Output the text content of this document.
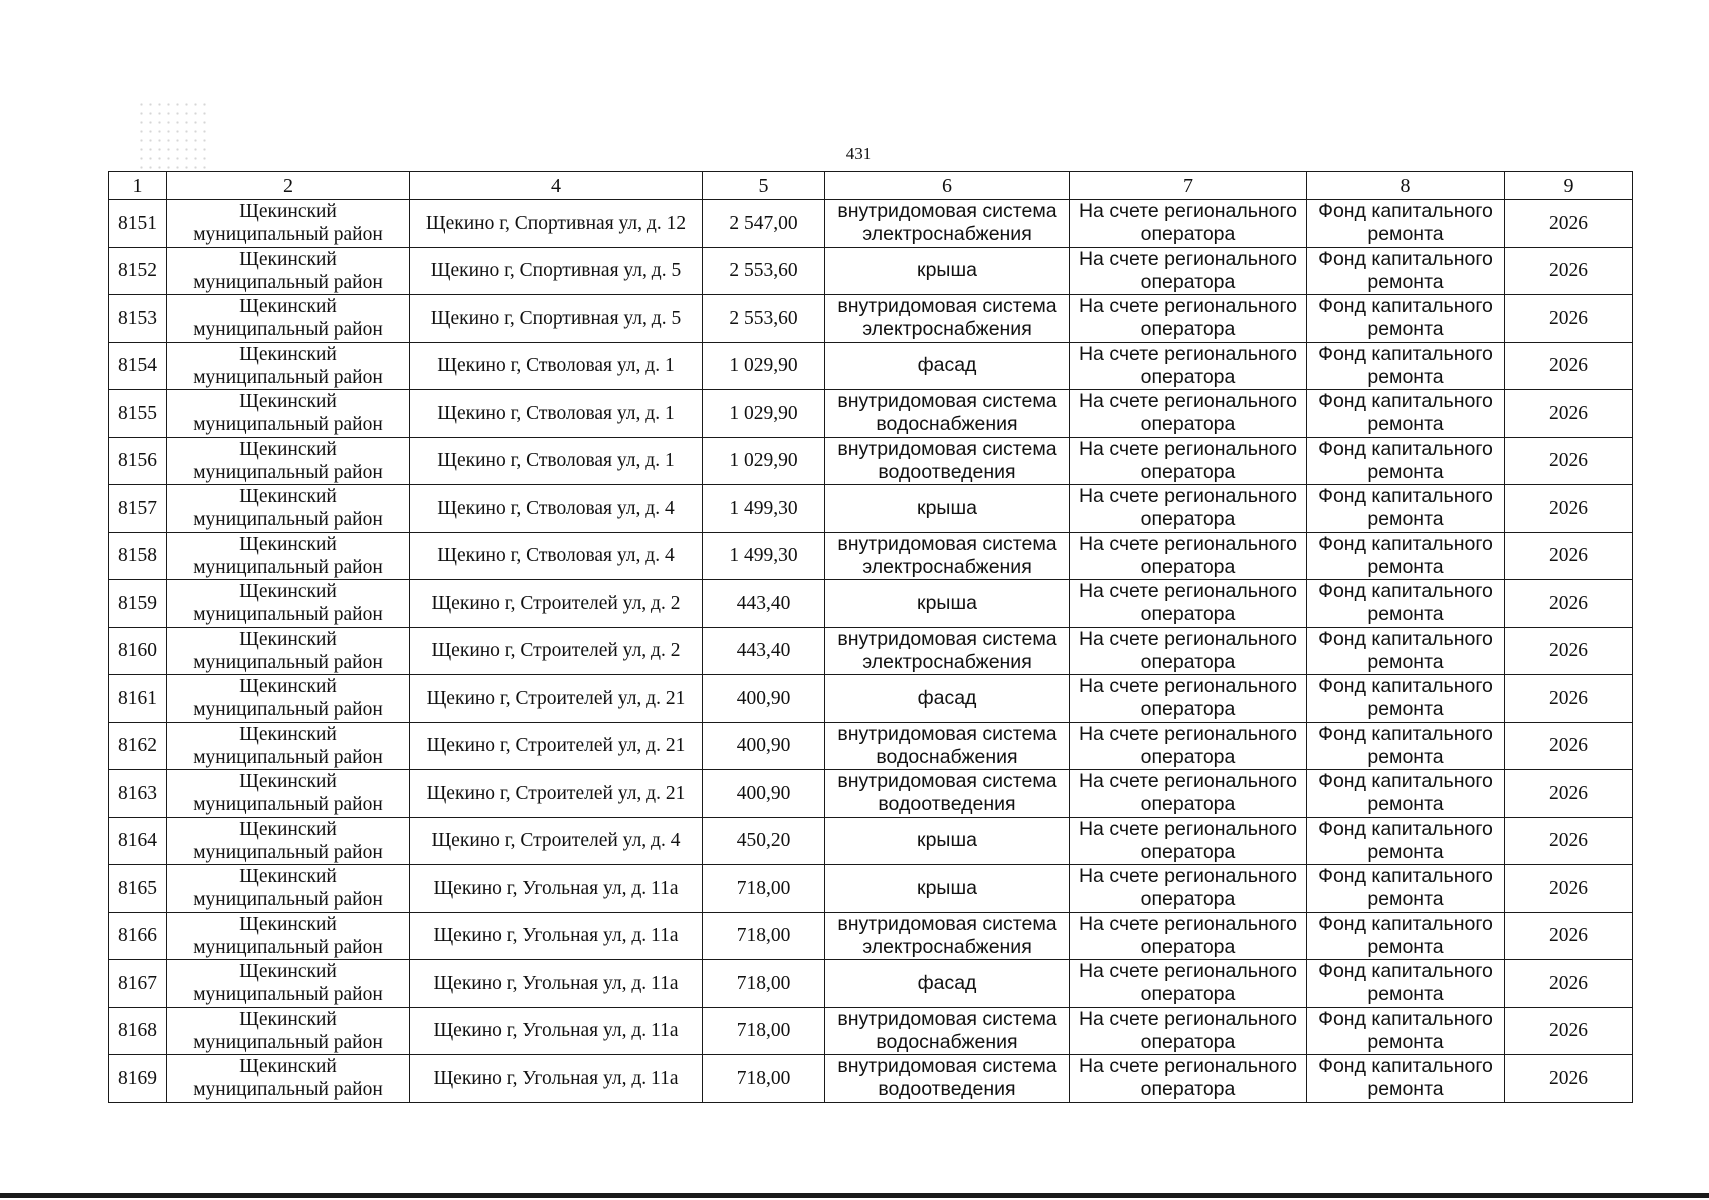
431
1	2	4	5	6	7	8	9
8151	Щекинский муниципальный район	Щекино г, Спортивная ул, д. 12	2 547,00	внутридомовая система электроснабжения	На счете регионального оператора	Фонд капитального ремонта	2026
8152	Щекинский муниципальный район	Щекино г, Спортивная ул, д. 5	2 553,60	крыша	На счете регионального оператора	Фонд капитального ремонта	2026
8153	Щекинский муниципальный район	Щекино г, Спортивная ул, д. 5	2 553,60	внутридомовая система электроснабжения	На счете регионального оператора	Фонд капитального ремонта	2026
8154	Щекинский муниципальный район	Щекино г, Стволовая ул, д. 1	1 029,90	фасад	На счете регионального оператора	Фонд капитального ремонта	2026
8155	Щекинский муниципальный район	Щекино г, Стволовая ул, д. 1	1 029,90	внутридомовая система водоснабжения	На счете регионального оператора	Фонд капитального ремонта	2026
8156	Щекинский муниципальный район	Щекино г, Стволовая ул, д. 1	1 029,90	внутридомовая система водоотведения	На счете регионального оператора	Фонд капитального ремонта	2026
8157	Щекинский муниципальный район	Щекино г, Стволовая ул, д. 4	1 499,30	крыша	На счете регионального оператора	Фонд капитального ремонта	2026
8158	Щекинский муниципальный район	Щекино г, Стволовая ул, д. 4	1 499,30	внутридомовая система электроснабжения	На счете регионального оператора	Фонд капитального ремонта	2026
8159	Щекинский муниципальный район	Щекино г, Строителей ул, д. 2	443,40	крыша	На счете регионального оператора	Фонд капитального ремонта	2026
8160	Щекинский муниципальный район	Щекино г, Строителей ул, д. 2	443,40	внутридомовая система электроснабжения	На счете регионального оператора	Фонд капитального ремонта	2026
8161	Щекинский муниципальный район	Щекино г, Строителей ул, д. 21	400,90	фасад	На счете регионального оператора	Фонд капитального ремонта	2026
8162	Щекинский муниципальный район	Щекино г, Строителей ул, д. 21	400,90	внутридомовая система водоснабжения	На счете регионального оператора	Фонд капитального ремонта	2026
8163	Щекинский муниципальный район	Щекино г, Строителей ул, д. 21	400,90	внутридомовая система водоотведения	На счете регионального оператора	Фонд капитального ремонта	2026
8164	Щекинский муниципальный район	Щекино г, Строителей ул, д. 4	450,20	крыша	На счете регионального оператора	Фонд капитального ремонта	2026
8165	Щекинский муниципальный район	Щекино г, Угольная ул, д. 11а	718,00	крыша	На счете регионального оператора	Фонд капитального ремонта	2026
8166	Щекинский муниципальный район	Щекино г, Угольная ул, д. 11а	718,00	внутридомовая система электроснабжения	На счете регионального оператора	Фонд капитального ремонта	2026
8167	Щекинский муниципальный район	Щекино г, Угольная ул, д. 11а	718,00	фасад	На счете регионального оператора	Фонд капитального ремонта	2026
8168	Щекинский муниципальный район	Щекино г, Угольная ул, д. 11а	718,00	внутридомовая система водоснабжения	На счете регионального оператора	Фонд капитального ремонта	2026
8169	Щекинский муниципальный район	Щекино г, Угольная ул, д. 11а	718,00	внутридомовая система водоотведения	На счете регионального оператора	Фонд капитального ремонта	2026
